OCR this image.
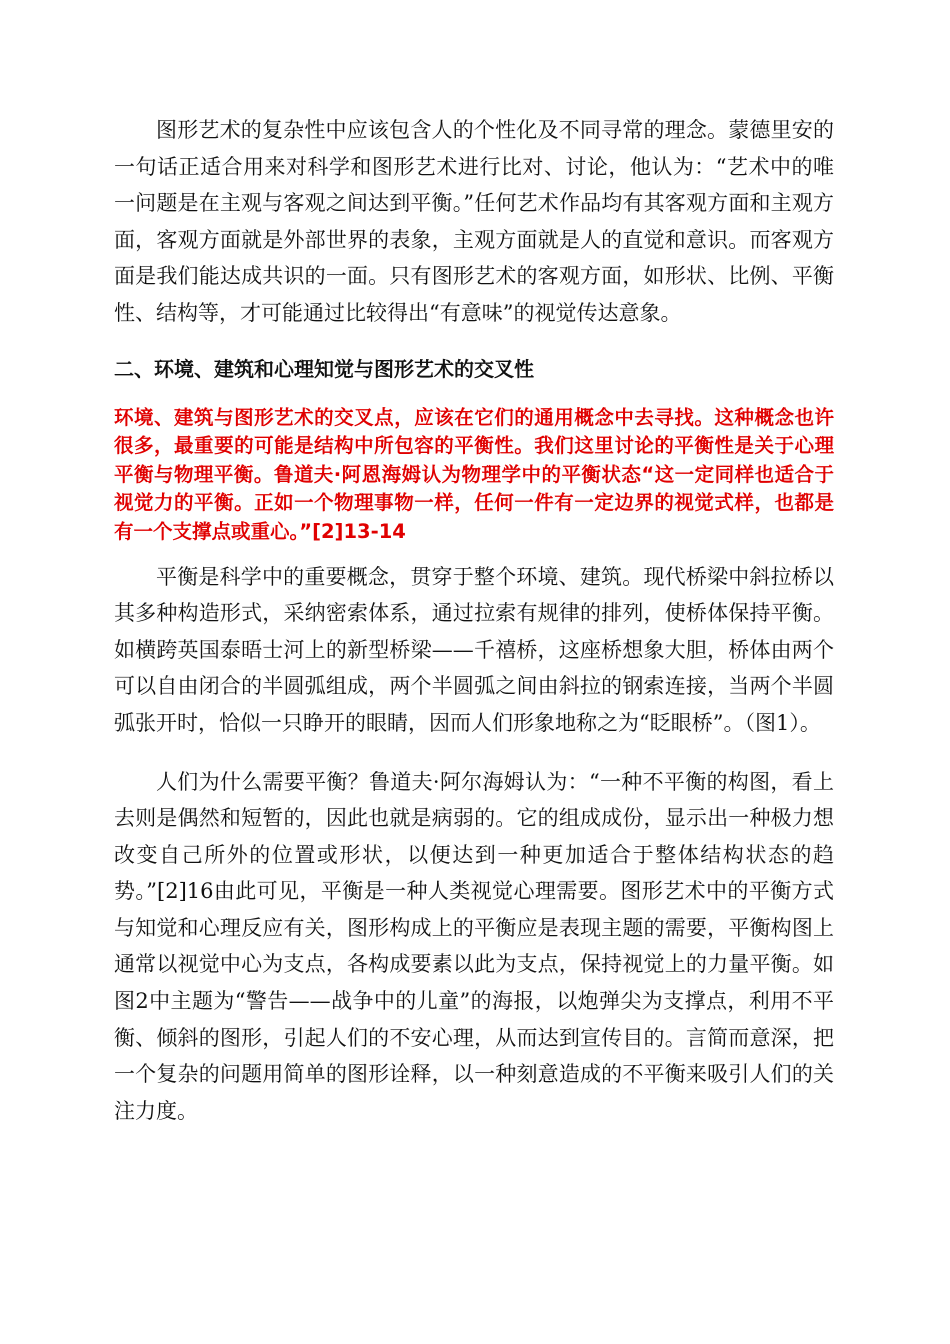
图形艺术的复杂性中应该包含人的个性化及不同寻常的理念。蒙德里安的一句话正适合用来对科学和图形艺术进行比对、讨论，他认为：“艺术中的唯一问题是在主观与客观之间达到平衡。”任何艺术作品均有其客观方面和主观方面，客观方面就是外部世界的表象，主观方面就是人的直觉和意识。而客观方面是我们能达成共识的一面。只有图形艺术的客观方面，如形状、比例、平衡性、结构等，才可能通过比较得出“有意味”的视觉传达意象。

二、环境、建筑和心理知觉与图形艺术的交叉性

环境、建筑与图形艺术的交叉点，应该在它们的通用概念中去寻找。这种概念也许很多，最重要的可能是结构中所包容的平衡性。我们这里讨论的平衡性是关于心理平衡与物理平衡。鲁道夫·阿恩海姆认为物理学中的平衡状态“这一定同样也适合于视觉力的平衡。正如一个物理事物一样，任何一件有一定边界的视觉式样，也都是有一个支撑点或重心。”[2]13-14

平衡是科学中的重要概念，贯穿于整个环境、建筑。现代桥梁中斜拉桥以其多种构造形式，采纳密索体系，通过拉索有规律的排列，使桥体保持平衡。如横跨英国泰晤士河上的新型桥梁——千禧桥，这座桥想象大胆，桥体由两个可以自由闭合的半圆弧组成，两个半圆弧之间由斜拉的钢索连接，当两个半圆弧张开时，恰似一只睁开的眼睛，因而人们形象地称之为“眨眼桥”。（图1）。

人们为什么需要平衡？鲁道夫·阿尔海姆认为：“一种不平衡的构图，看上去则是偶然和短暂的，因此也就是病弱的。它的组成成份，显示出一种极力想改变自己所外的位置或形状，以便达到一种更加适合于整体结构状态的趋势。”[2]16由此可见，平衡是一种人类视觉心理需要。图形艺术中的平衡方式与知觉和心理反应有关，图形构成上的平衡应是表现主题的需要，平衡构图上通常以视觉中心为支点，各构成要素以此为支点，保持视觉上的力量平衡。如图2中主题为“警告——战争中的儿童”的海报，以炮弹尖为支撑点，利用不平衡、倾斜的图形，引起人们的不安心理，从而达到宣传目的。言简而意深，把一个复杂的问题用简单的图形诠释，以一种刻意造成的不平衡来吸引人们的关注力度。
